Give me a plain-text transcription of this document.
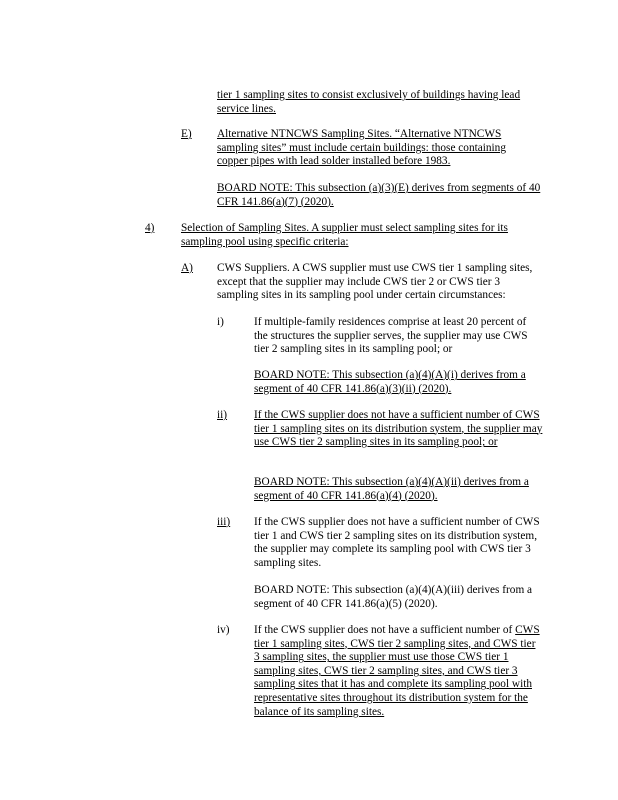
tier 1 sampling sites to consist exclusively of buildings having lead service lines.

E) Alternative NTNCWS Sampling Sites. “Alternative NTNCWS sampling sites” must include certain buildings: those containing copper pipes with lead solder installed before 1983.

BOARD NOTE: This subsection (a)(3)(E) derives from segments of 40 CFR 141.86(a)(7) (2020).

4) Selection of Sampling Sites. A supplier must select sampling sites for its sampling pool using specific criteria:

A) CWS Suppliers. A CWS supplier must use CWS tier 1 sampling sites, except that the supplier may include CWS tier 2 or CWS tier 3 sampling sites in its sampling pool under certain circumstances:

i)	If multiple-family residences comprise at least 20 percent of the structures the supplier serves, the supplier may use CWS tier 2 sampling sites in its sampling pool; or

BOARD NOTE: This subsection (a)(4)(A)(i) derives from a segment of 40 CFR 141.86(a)(3)(ii) (2020).

ii) If the CWS supplier does not have a sufficient number of CWS tier 1 sampling sites on its distribution system, the supplier may use CWS tier 2 sampling sites in its sampling pool; or

BOARD NOTE: This subsection (a)(4)(A)(ii) derives from a segment of 40 CFR 141.86(a)(4) (2020).

iii) If the CWS supplier does not have a sufficient number of CWS tier 1 and CWS tier 2 sampling sites on its distribution system, the supplier may complete its sampling pool with CWS tier 3 sampling sites.

BOARD NOTE: This subsection (a)(4)(A)(iii) derives from a segment of 40 CFR 141.86(a)(5) (2020).

iv) If the CWS supplier does not have a sufficient number of CWS tier 1 sampling sites, CWS tier 2 sampling sites, and CWS tier 3 sampling sites, the supplier must use those CWS tier 1 sampling sites, CWS tier 2 sampling sites, and CWS tier 3 sampling sites that it has and complete its sampling pool with representative sites throughout its distribution system for the balance of its sampling sites.
